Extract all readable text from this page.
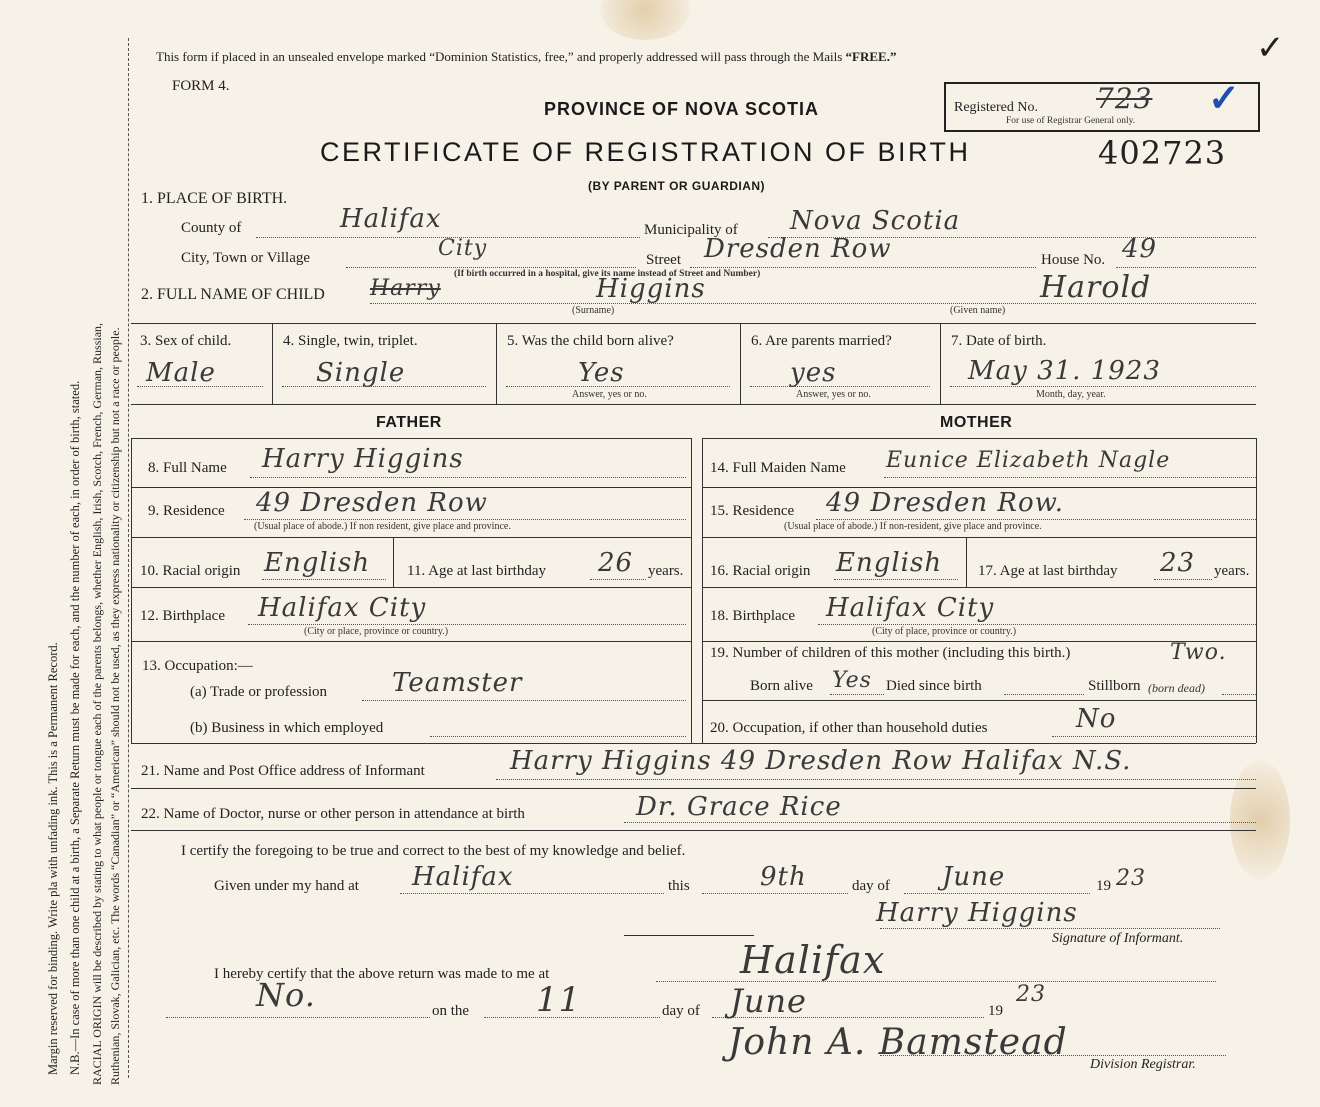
Margin reserved for binding. Write pla with unfading ink. This is a Permanent Record. N.B.—In case of more than one child at a birth, a Separate Return must be made for each, and the number of each, in order of birth, stated. RACIAL ORIGIN will be described by stating to what people or tongue each of the parents belongs, whether English, Irish, Scotch, French, German, Russian, Ruthenian, Slovak, Galician, etc. The words “Canadian” or “American” should not be used, as they express nationality or citizenship but not a race or people.
This form if placed in an unsealed envelope marked “Dominion Statistics, free,” and properly addressed will pass through the Mails “FREE.”	✓
FORM 4.
PROVINCE OF NOVA SCOTIA	Registered No. 723
For use of Registrar General only.
✓
CERTIFICATE OF REGISTRATION OF BIRTH	402723
(BY PARENT OR GUARDIAN)
1. PLACE OF BIRTH.
County of	Halifax	Municipality of Nova Scotia
City, Town or Village	City	Street Dresden Row	House No. 49
(If birth occurred in a hospital, give its name instead of Street and Number)
2. FULL NAME OF CHILD Harry	Higgins
(Surname)
Harold
(Given name)
3. Sex of child.
Male
4. Single, twin, triplet.
Single
5. Was the child born alive?
Yes
Answer, yes or no.
6. Are parents married?
yes
Answer, yes or no.
7. Date of birth.
May 31. 1923
Month, day, year.
FATHER	MOTHER
8. Full Name Harry Higgins
9. Residence 49 Dresden Row
(Usual place of abode.) If non resident, give place and province.
10. Racial origin English 11. Age at last birthday 26 years.
12. Birthplace Halifax City
(City or place, province or country.)
13. Occupation:—
(a) Trade or profession Teamster
(b) Business in which employed
14. Full Maiden Name Eunice Elizabeth Nagle
15. Residence 49 Dresden Row.
(Usual place of abode.) If non-resident, give place and province.
16. Racial origin English 17. Age at last birthday 23 years.
18. Birthplace Halifax City
(City of place, province or country.)
19. Number of children of this mother (including this birth.)	Two.
Born alive Yes Died since birth	Stillborn (born dead)
20. Occupation, if other than household duties	No
21. Name and Post Office address of Informant	Harry Higgins 49 Dresden Row Halifax N.S.
22. Name of Doctor, nurse or other person in attendance at birth	Dr. Grace Rice
I certify the foregoing to be true and correct to the best of my knowledge and belief.
Given under my hand at Halifax	this	9th	day of June	19 23
Harry Higgins
Signature of Informant.
I hereby certify that the above return was made to me at	Halifax
No.	on the 11	day of June	19
23
John A. Bamstead
Division Registrar.
